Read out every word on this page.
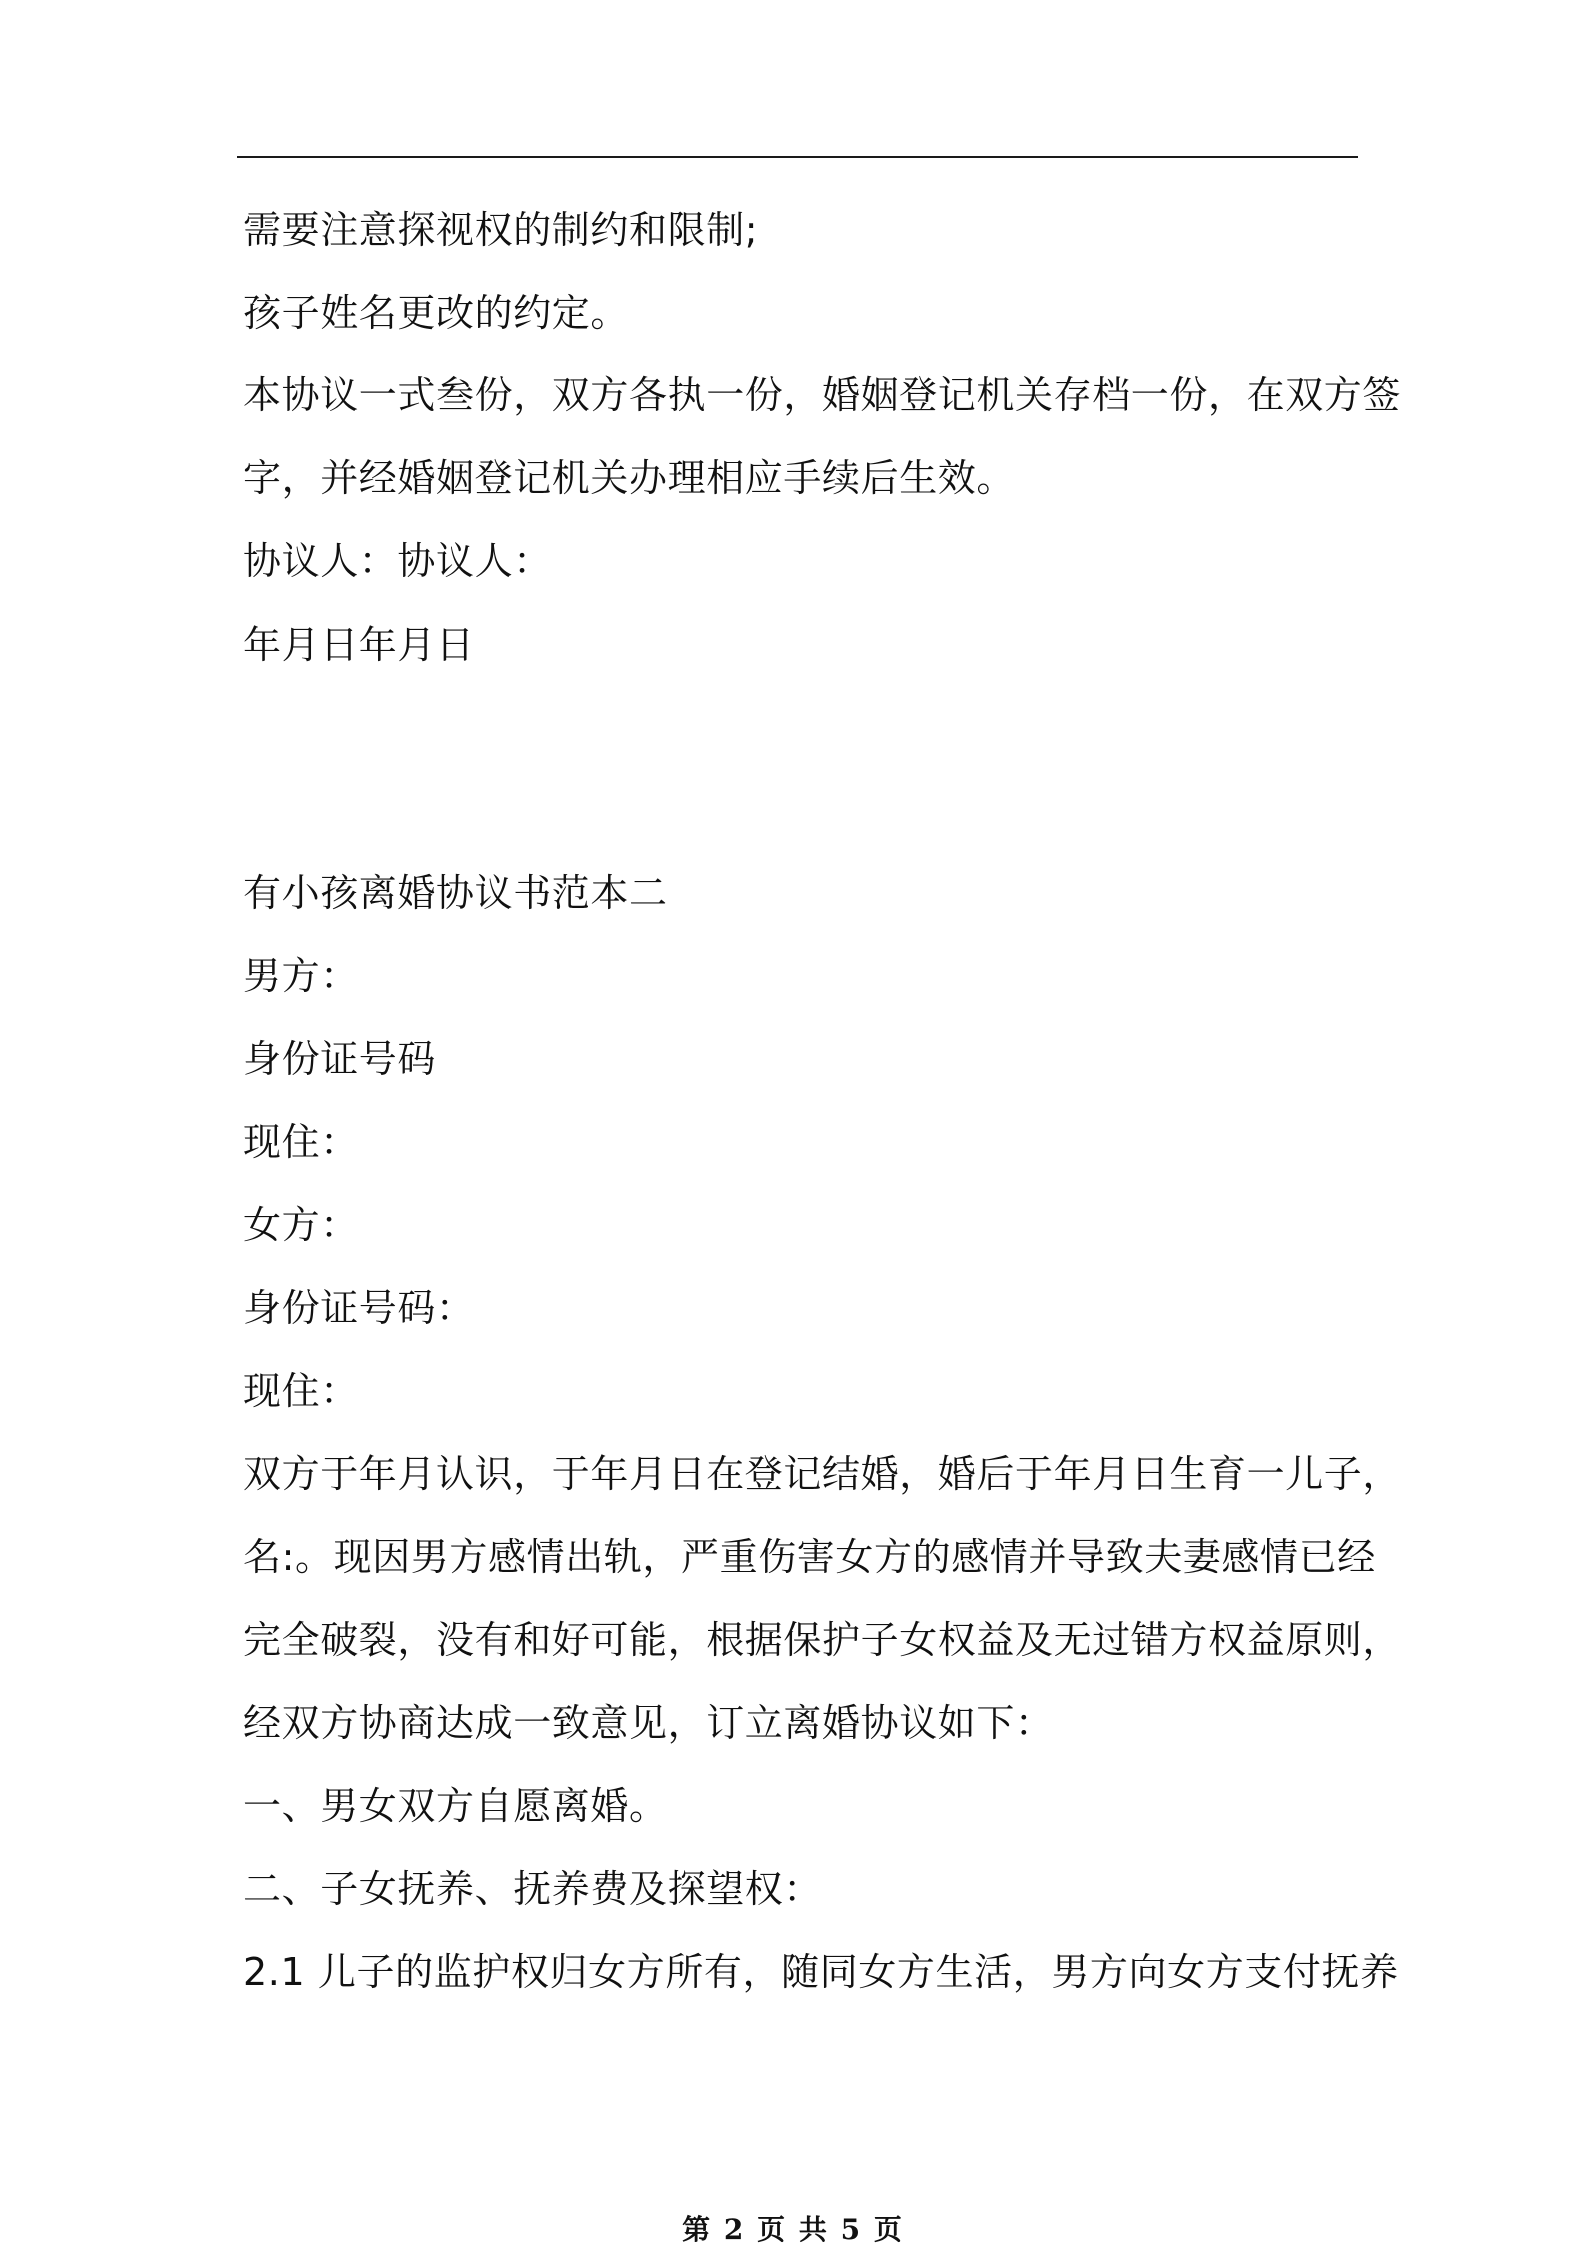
需要注意探视权的制约和限制;
孩子姓名更改的约定。
本协议一式叁份，双方各执一份，婚姻登记机关存档一份，在双方签
字，并经婚姻登记机关办理相应手续后生效。
协议人：协议人：
年月日年月日
有小孩离婚协议书范本二
男方：
身份证号码
现住：
女方：
身份证号码：
现住：
双方于年月认识，于年月日在登记结婚，婚后于年月日生育一儿子，
名:。现因男方感情出轨，严重伤害女方的感情并导致夫妻感情已经
完全破裂，没有和好可能，根据保护子女权益及无过错方权益原则，
经双方协商达成一致意见，订立离婚协议如下：
一、男女双方自愿离婚。
二、子女抚养、抚养费及探望权：
2.1 儿子的监护权归女方所有，随同女方生活，男方向女方支付抚养
第 2 页 共 5 页
